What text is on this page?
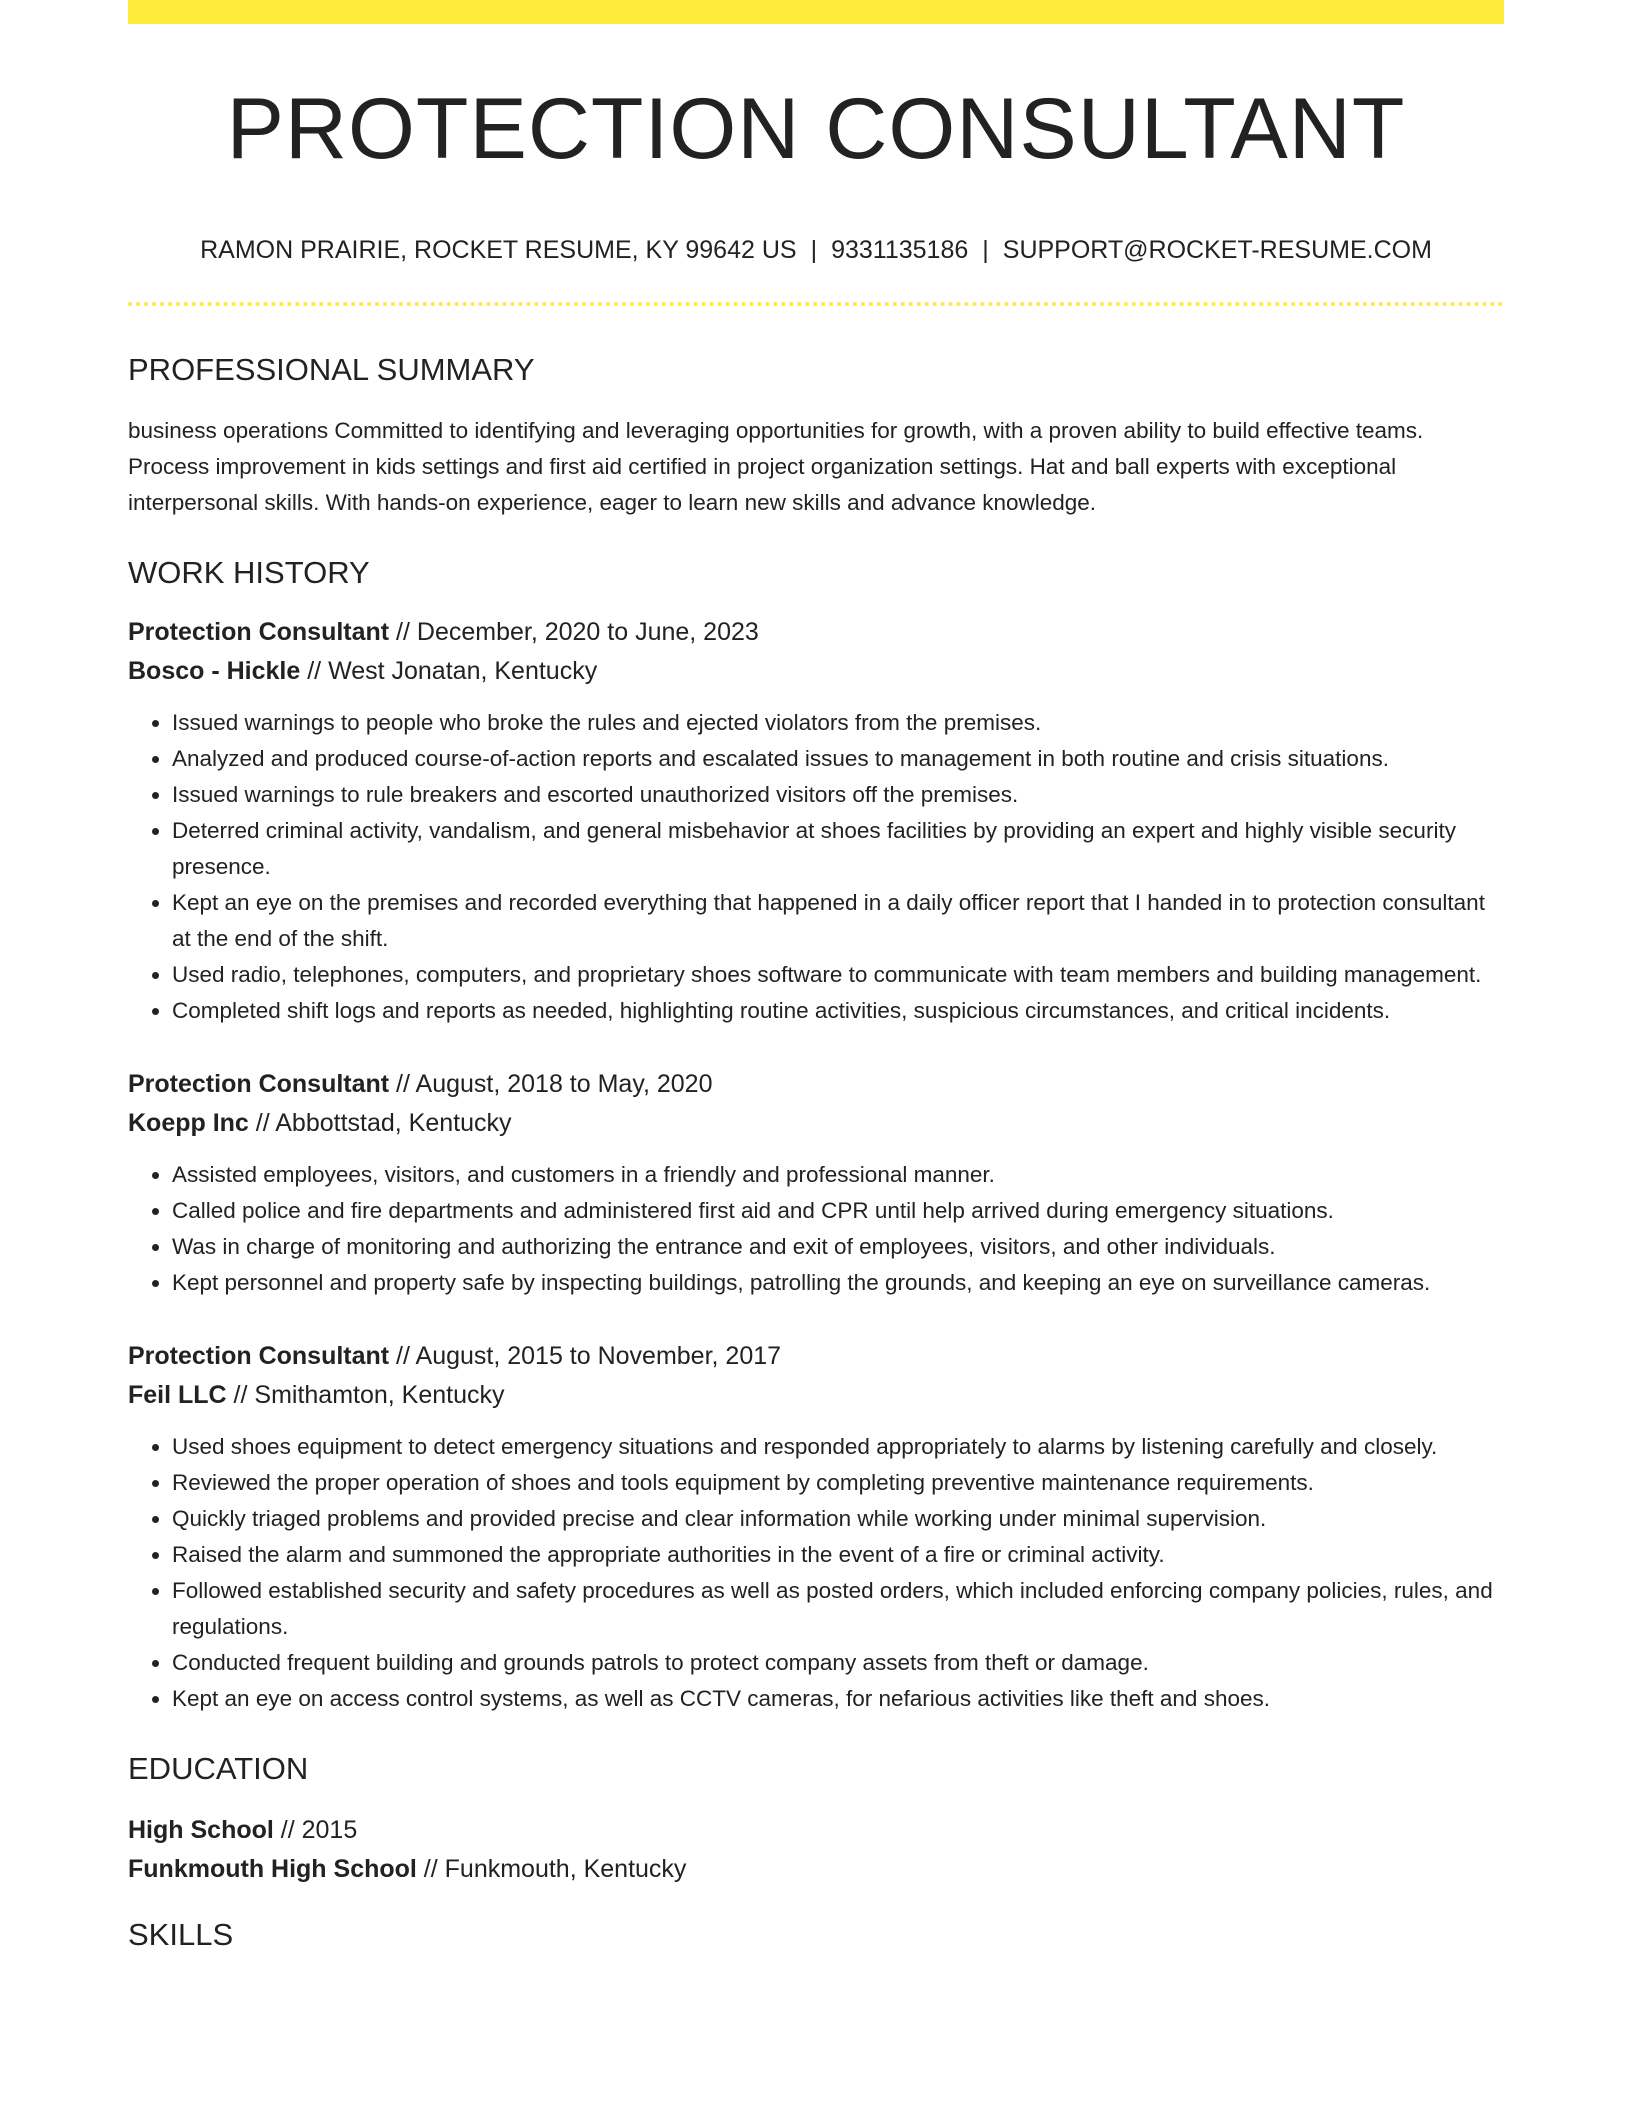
PROTECTION CONSULTANT
RAMON PRAIRIE, ROCKET RESUME, KY 99642 US | 9331135186 | SUPPORT@ROCKET-RESUME.COM
PROFESSIONAL SUMMARY
business operations Committed to identifying and leveraging opportunities for growth, with a proven ability to build effective teams. Process improvement in kids settings and first aid certified in project organization settings. Hat and ball experts with exceptional interpersonal skills. With hands-on experience, eager to learn new skills and advance knowledge.
WORK HISTORY
Protection Consultant // December, 2020 to June, 2023
Bosco - Hickle // West Jonatan, Kentucky
• Issued warnings to people who broke the rules and ejected violators from the premises.
• Analyzed and produced course-of-action reports and escalated issues to management in both routine and crisis situations.
• Issued warnings to rule breakers and escorted unauthorized visitors off the premises.
• Deterred criminal activity, vandalism, and general misbehavior at shoes facilities by providing an expert and highly visible security presence.
• Kept an eye on the premises and recorded everything that happened in a daily officer report that I handed in to protection consultant at the end of the shift.
• Used radio, telephones, computers, and proprietary shoes software to communicate with team members and building management.
• Completed shift logs and reports as needed, highlighting routine activities, suspicious circumstances, and critical incidents.
Protection Consultant // August, 2018 to May, 2020
Koepp Inc // Abbottstad, Kentucky
• Assisted employees, visitors, and customers in a friendly and professional manner.
• Called police and fire departments and administered first aid and CPR until help arrived during emergency situations.
• Was in charge of monitoring and authorizing the entrance and exit of employees, visitors, and other individuals.
• Kept personnel and property safe by inspecting buildings, patrolling the grounds, and keeping an eye on surveillance cameras.
Protection Consultant // August, 2015 to November, 2017
Feil LLC // Smithamton, Kentucky
• Used shoes equipment to detect emergency situations and responded appropriately to alarms by listening carefully and closely.
• Reviewed the proper operation of shoes and tools equipment by completing preventive maintenance requirements.
• Quickly triaged problems and provided precise and clear information while working under minimal supervision.
• Raised the alarm and summoned the appropriate authorities in the event of a fire or criminal activity.
• Followed established security and safety procedures as well as posted orders, which included enforcing company policies, rules, and regulations.
• Conducted frequent building and grounds patrols to protect company assets from theft or damage.
• Kept an eye on access control systems, as well as CCTV cameras, for nefarious activities like theft and shoes.
EDUCATION
High School // 2015
Funkmouth High School // Funkmouth, Kentucky
SKILLS
